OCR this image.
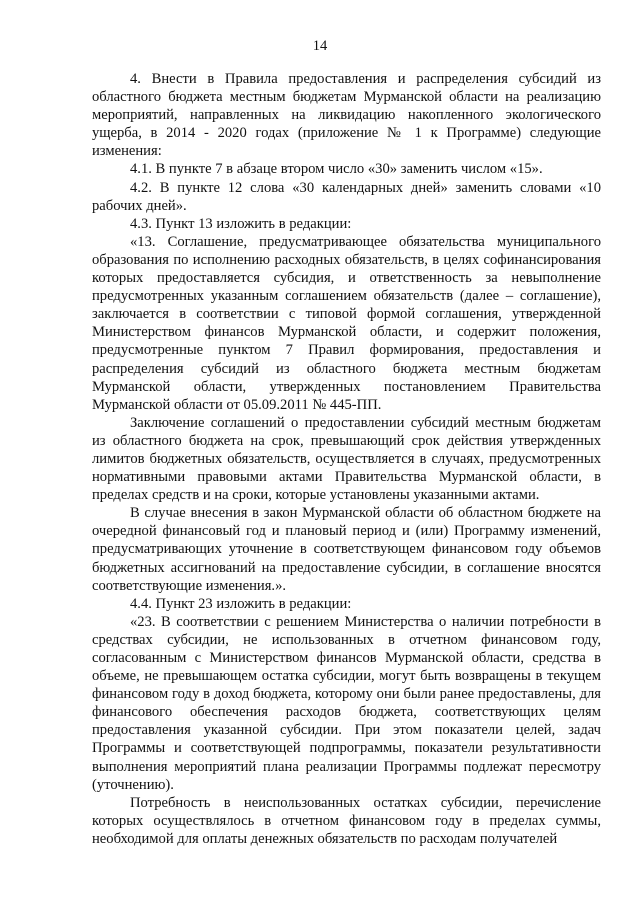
14

4. Внести в Правила предоставления и распределения субсидий из областного бюджета местным бюджетам Мурманской области на реализацию мероприятий, направленных на ликвидацию накопленного экологического ущерба, в 2014 - 2020 годах (приложение № 1 к Программе) следующие изменения:

4.1. В пункте 7 в абзаце втором число «30» заменить числом «15».

4.2. В пункте 12 слова «30 календарных дней» заменить словами «10 рабочих дней».

4.3. Пункт 13 изложить в редакции:

«13. Соглашение, предусматривающее обязательства муниципального образования по исполнению расходных обязательств, в целях софинансирования которых предоставляется субсидия, и ответственность за невыполнение предусмотренных указанным соглашением обязательств (далее – соглашение), заключается в соответствии с типовой формой соглашения, утвержденной Министерством финансов Мурманской области, и содержит положения, предусмотренные пунктом 7 Правил формирования, предоставления и распределения субсидий из областного бюджета местным бюджетам Мурманской области, утвержденных постановлением Правительства Мурманской области от 05.09.2011 № 445-ПП.

Заключение соглашений о предоставлении субсидий местным бюджетам из областного бюджета на срок, превышающий срок действия утвержденных лимитов бюджетных обязательств, осуществляется в случаях, предусмотренных нормативными правовыми актами Правительства Мурманской области, в пределах средств и на сроки, которые установлены указанными актами.

В случае внесения в закон Мурманской области об областном бюджете на очередной финансовый год и плановый период и (или) Программу изменений, предусматривающих уточнение в соответствующем финансовом году объемов бюджетных ассигнований на предоставление субсидии, в соглашение вносятся соответствующие изменения.».

4.4. Пункт 23 изложить в редакции:

«23. В соответствии с решением Министерства о наличии потребности в средствах субсидии, не использованных в отчетном финансовом году, согласованным с Министерством финансов Мурманской области, средства в объеме, не превышающем остатка субсидии, могут быть возвращены в текущем финансовом году в доход бюджета, которому они были ранее предоставлены, для финансового обеспечения расходов бюджета, соответствующих целям предоставления указанной субсидии. При этом показатели целей, задач Программы и соответствующей подпрограммы, показатели результативности выполнения мероприятий плана реализации Программы подлежат пересмотру (уточнению).

Потребность в неиспользованных остатках субсидии, перечисление которых осуществлялось в отчетном финансовом году в пределах суммы, необходимой для оплаты денежных обязательств по расходам получателей
